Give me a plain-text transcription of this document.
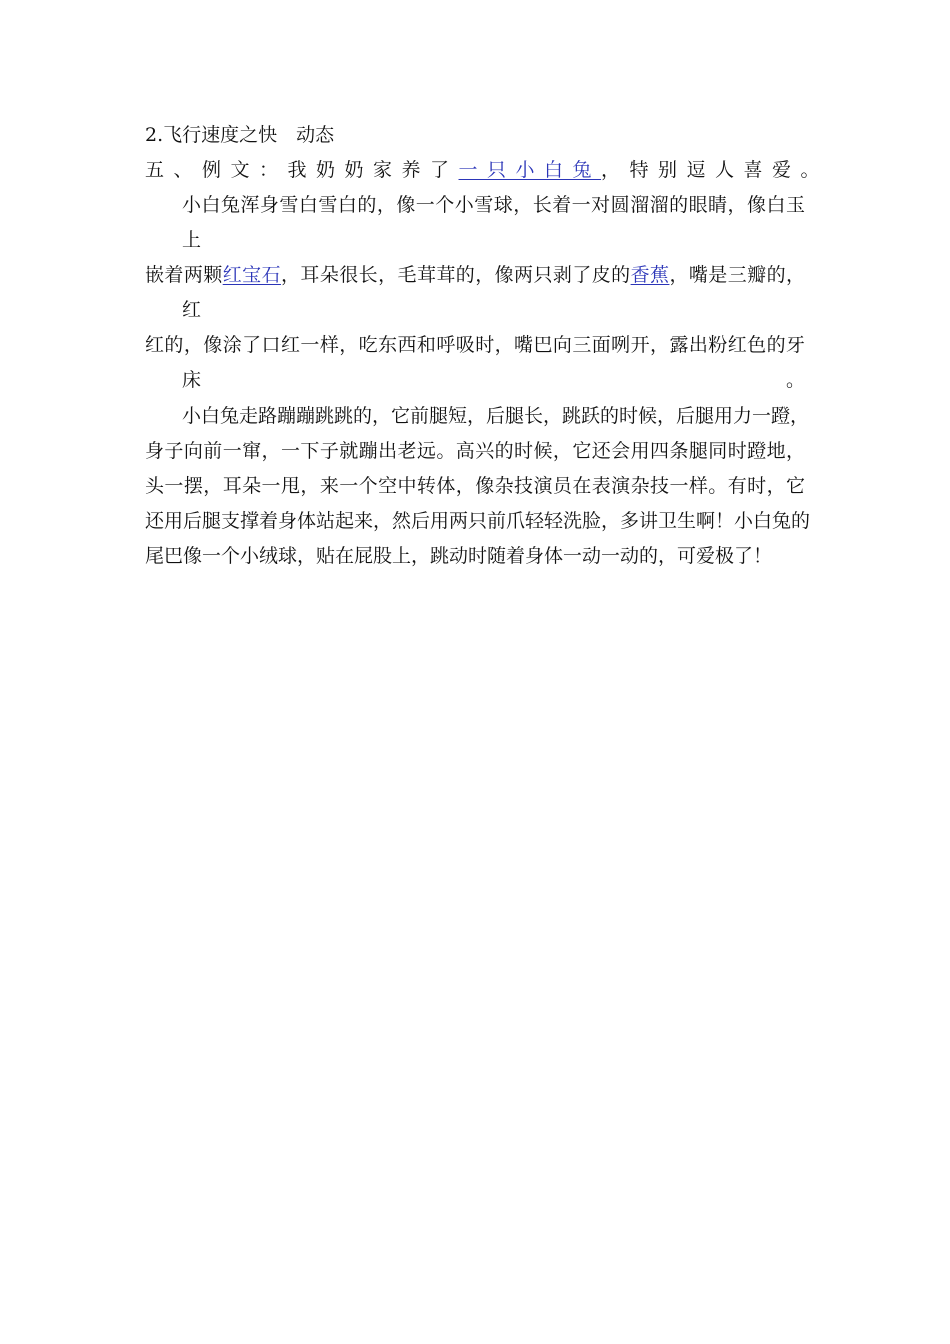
2.飞行速度之快　动态
五、例文：我奶奶家养了一只小白兔，特别逗人喜爱。
小白兔浑身雪白雪白的，像一个小雪球，长着一对圆溜溜的眼睛，像白玉
上
嵌着两颗红宝石，耳朵很长，毛茸茸的，像两只剥了皮的香蕉，嘴是三瓣的，
红
红的，像涂了口红一样，吃东西和呼吸时，嘴巴向三面咧开，露出粉红色的牙
床	。
小白兔走路蹦蹦跳跳的，它前腿短，后腿长，跳跃的时候，后腿用力一蹬，
身子向前一窜，一下子就蹦出老远。高兴的时候，它还会用四条腿同时蹬地，
头一摆，耳朵一甩，来一个空中转体，像杂技演员在表演杂技一样。有时，它
还用后腿支撑着身体站起来，然后用两只前爪轻轻洗脸，多讲卫生啊！小白兔的
尾巴像一个小绒球，贴在屁股上，跳动时随着身体一动一动的，可爱极了！
